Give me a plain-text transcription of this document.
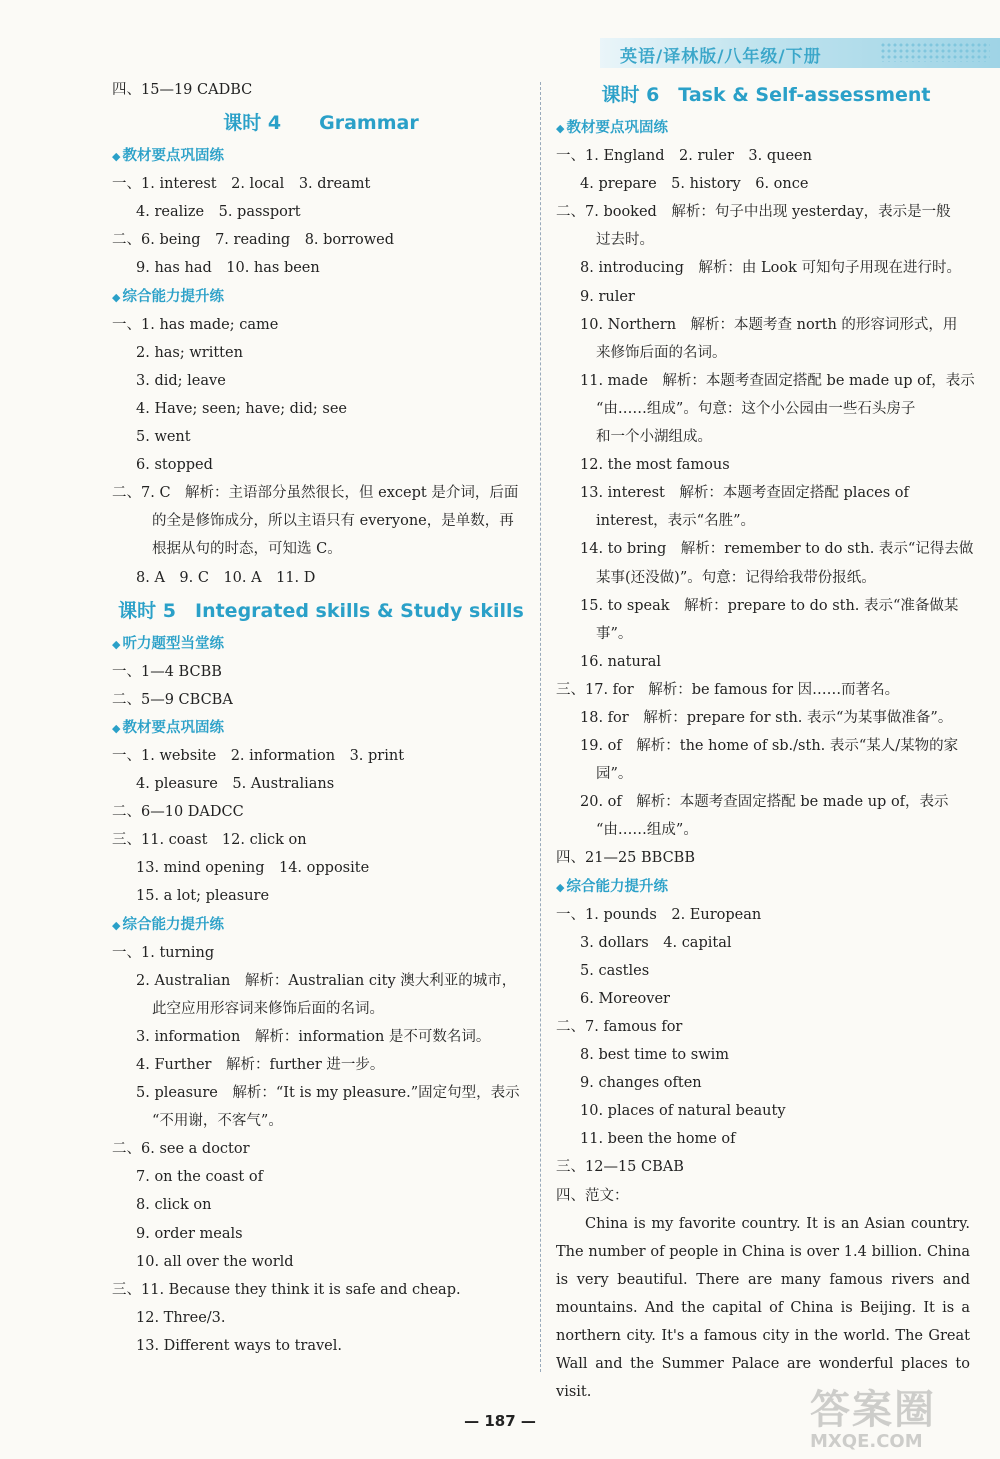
英语/译林版/八年级/下册
四、15—19 CADBC
课时 4　　Grammar
◆ 教材要点巩固练
一、1. interest　2. local　3. dreamt
4. realize　5. passport
二、6. being　7. reading　8. borrowed
9. has had　10. has been
◆ 综合能力提升练
一、1. has made; came
2. has; written
3. did; leave
4. Have; seen; have; did; see
5. went
6. stopped
二、7. C　解析：主语部分虽然很长，但 except 是介词，后面
的全是修饰成分，所以主语只有 everyone，是单数，再
根据从句的时态，可知选 C。
8. A　9. C　10. A　11. D
课时 5　Integrated skills & Study skills
◆ 听力题型当堂练
一、1—4 BCBB
二、5—9 CBCBA
◆ 教材要点巩固练
一、1. website　2. information　3. print
4. pleasure　5. Australians
二、6—10 DADCC
三、11. coast　12. click on
13. mind opening　14. opposite
15. a lot; pleasure
◆ 综合能力提升练
一、1. turning
2. Australian　解析：Australian city 澳大利亚的城市，
此空应用形容词来修饰后面的名词。
3. information　解析：information 是不可数名词。
4. Further　解析：further 进一步。
5. pleasure　解析：“It is my pleasure.”固定句型，表示
“不用谢，不客气”。
二、6. see a doctor
7. on the coast of
8. click on
9. order meals
10. all over the world
三、11. Because they think it is safe and cheap.
12. Three/3.
13. Different ways to travel.
课时 6　Task & Self-assessment
◆ 教材要点巩固练
一、1. England　2. ruler　3. queen
4. prepare　5. history　6. once
二、7. booked　解析：句子中出现 yesterday，表示是一般
过去时。
8. introducing　解析：由 Look 可知句子用现在进行时。
9. ruler
10. Northern　解析：本题考查 north 的形容词形式，用
来修饰后面的名词。
11. made　解析：本题考查固定搭配 be made up of，表示
“由……组成”。句意：这个小公园由一些石头房子
和一个小湖组成。
12. the most famous
13. interest　解析：本题考查固定搭配 places of
interest，表示“名胜”。
14. to bring　解析：remember to do sth. 表示“记得去做
某事(还没做)”。句意：记得给我带份报纸。
15. to speak　解析：prepare to do sth. 表示“准备做某
事”。
16. natural
三、17. for　解析：be famous for 因……而著名。
18. for　解析：prepare for sth. 表示“为某事做准备”。
19. of　解析：the home of sb./sth. 表示“某人/某物的家
园”。
20. of　解析：本题考查固定搭配 be made up of，表示
“由……组成”。
四、21—25 BBCBB
◆ 综合能力提升练
一、1. pounds　2. European
3. dollars　4. capital
5. castles
6. Moreover
二、7. famous for
8. best time to swim
9. changes often
10. places of natural beauty
11. been the home of
三、12—15 CBAB
四、范文：
China is my favorite country. It is an Asian country. The number of people in China is over 1.4 billion. China is very beautiful. There are many famous rivers and mountains. And the capital of China is Beijing. It is a northern city. It's a famous city in the world. The Great Wall and the Summer Palace are wonderful places to visit.
— 187 —	答案圈
MXQE.COM
